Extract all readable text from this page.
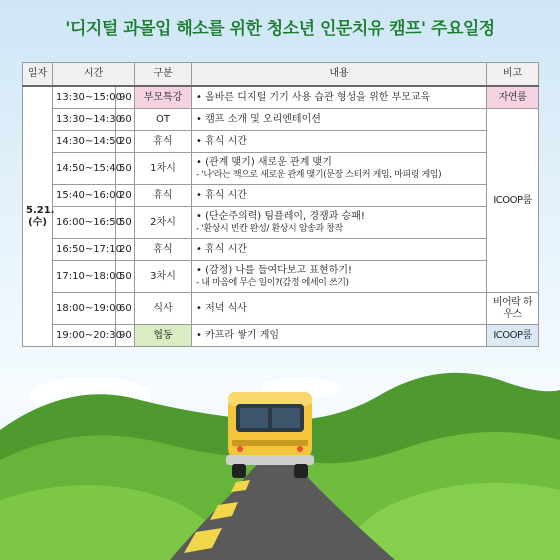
'디지털 과몰입 해소를 위한 청소년 인문치유 캠프' 주요일정
일자	시간		구분	내용	비고
5.21.(수)	13:30~15:00	90	부모특강	• 올바른 디지털 기기 사용 습관 형성을 위한 부모교육	자연룸
	13:30~14:30	60	OT	• 캠프 소개 및 오리엔테이션	ICOOP룸
	14:30~14:50	20	휴식	• 휴식 시간	

	14:50~15:40	50	1차시	• (관계 맺기) 새로운 관계 맺기
- '나'라는 책으로 새로운 관계 맺기(문장 스티커 게임, 마피링 게임)	

	15:40~16:00	20	휴식	• 휴식 시간	

	16:00~16:50	50	2차시	• (단순주의력) 팀플레이, 경쟁과 승패!
- '환상시 빈칸 완성/ 환상시 암송과 창작	

	16:50~17:10	20	휴식	• 휴식 시간	

	17:10~18:00	50	3차시	• (감정) 나를 들여다보고 표현하기!
- 내 마음에 무슨 일이?(감정 에세이 쓰기)	

	18:00~19:00	60	식사	• 저녁 식사	비어락 하우스
	19:00~20:30	90	협동	• 카프라 쌓기 게임	ICOOP룸
